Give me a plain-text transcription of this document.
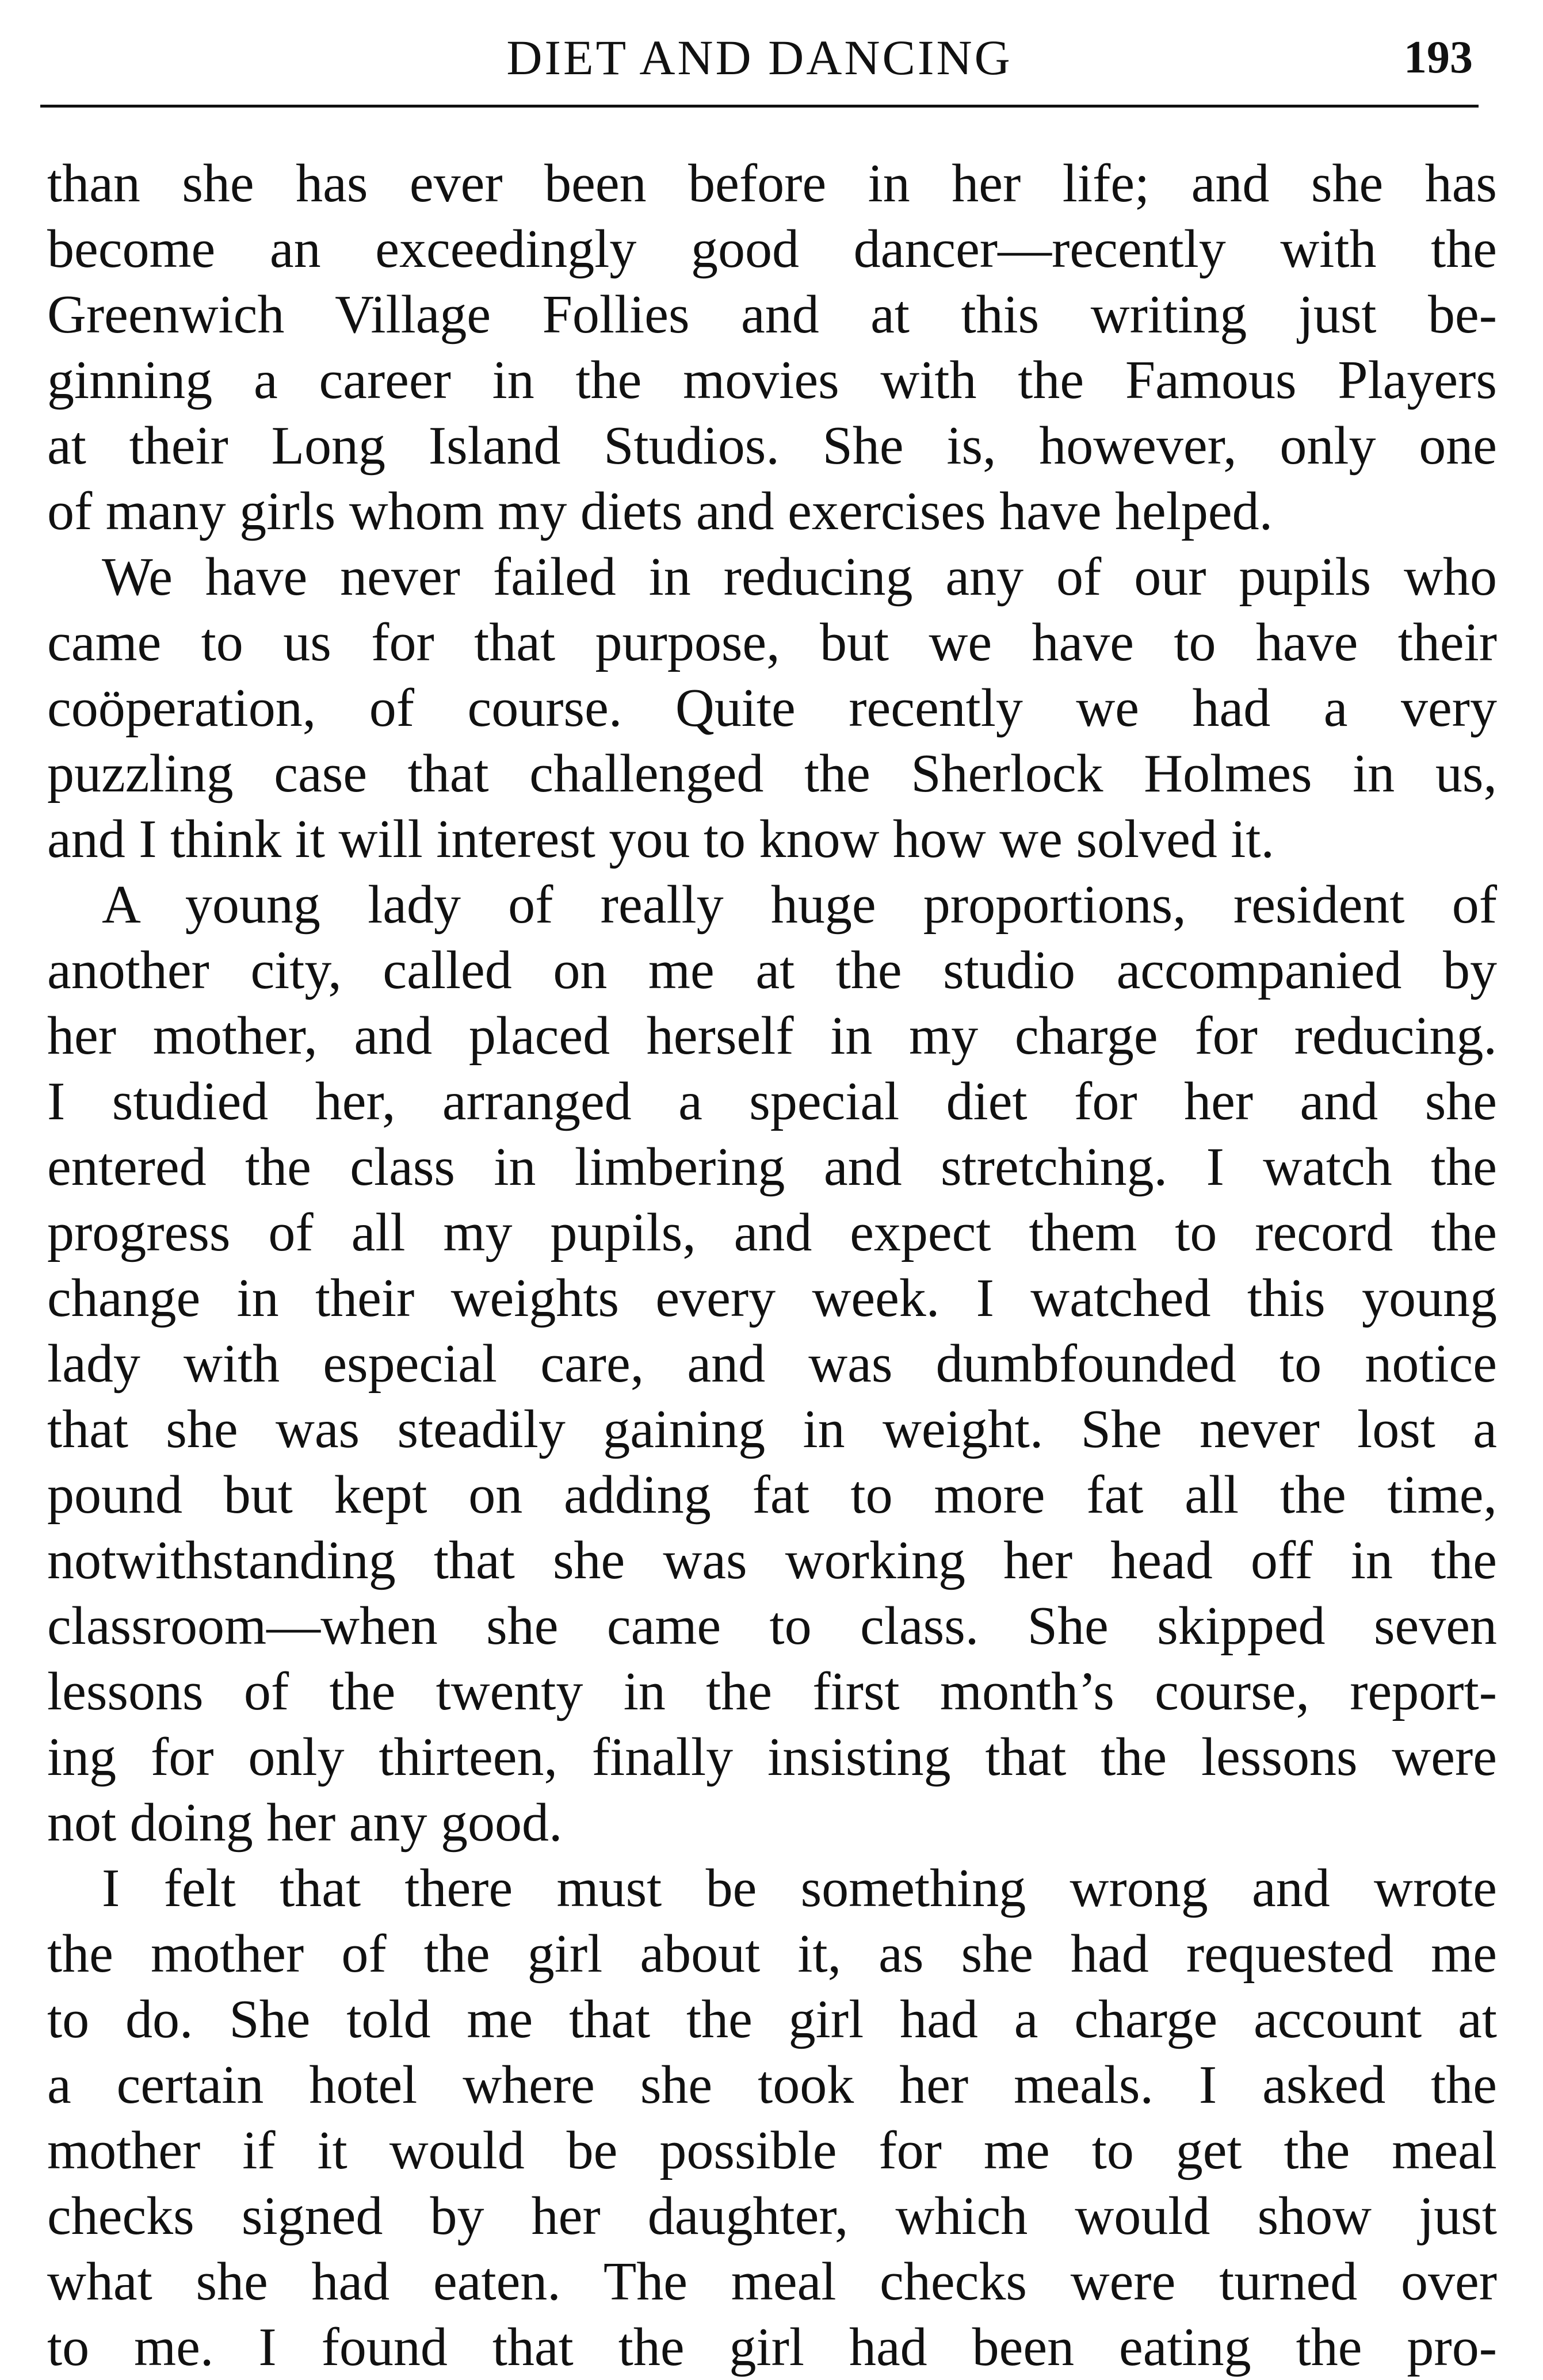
DIET AND DANCING	193
than she has ever been before in her life; and she has
become an exceedingly good dancer—recently with the
Greenwich Village Follies and at this writing just be-
ginning a career in the movies with the Famous Players
at their Long Island Studios. She is, however, only one
of many girls whom my diets and exercises have helped.
We have never failed in reducing any of our pupils who
came to us for that purpose, but we have to have their
coöperation, of course. Quite recently we had a very
puzzling case that challenged the Sherlock Holmes in us,
and I think it will interest you to know how we solved it.
A young lady of really huge proportions, resident of
another city, called on me at the studio accompanied by
her mother, and placed herself in my charge for reducing.
I studied her, arranged a special diet for her and she
entered the class in limbering and stretching. I watch the
progress of all my pupils, and expect them to record the
change in their weights every week. I watched this young
lady with especial care, and was dumbfounded to notice
that she was steadily gaining in weight. She never lost a
pound but kept on adding fat to more fat all the time,
notwithstanding that she was working her head off in the
classroom—when she came to class. She skipped seven
lessons of the twenty in the first month’s course, report-
ing for only thirteen, finally insisting that the lessons were
not doing her any good.
I felt that there must be something wrong and wrote
the mother of the girl about it, as she had requested me
to do. She told me that the girl had a charge account at
a certain hotel where she took her meals. I asked the
mother if it would be possible for me to get the meal
checks signed by her daughter, which would show just
what she had eaten. The meal checks were turned over
to me. I found that the girl had been eating the pro-
